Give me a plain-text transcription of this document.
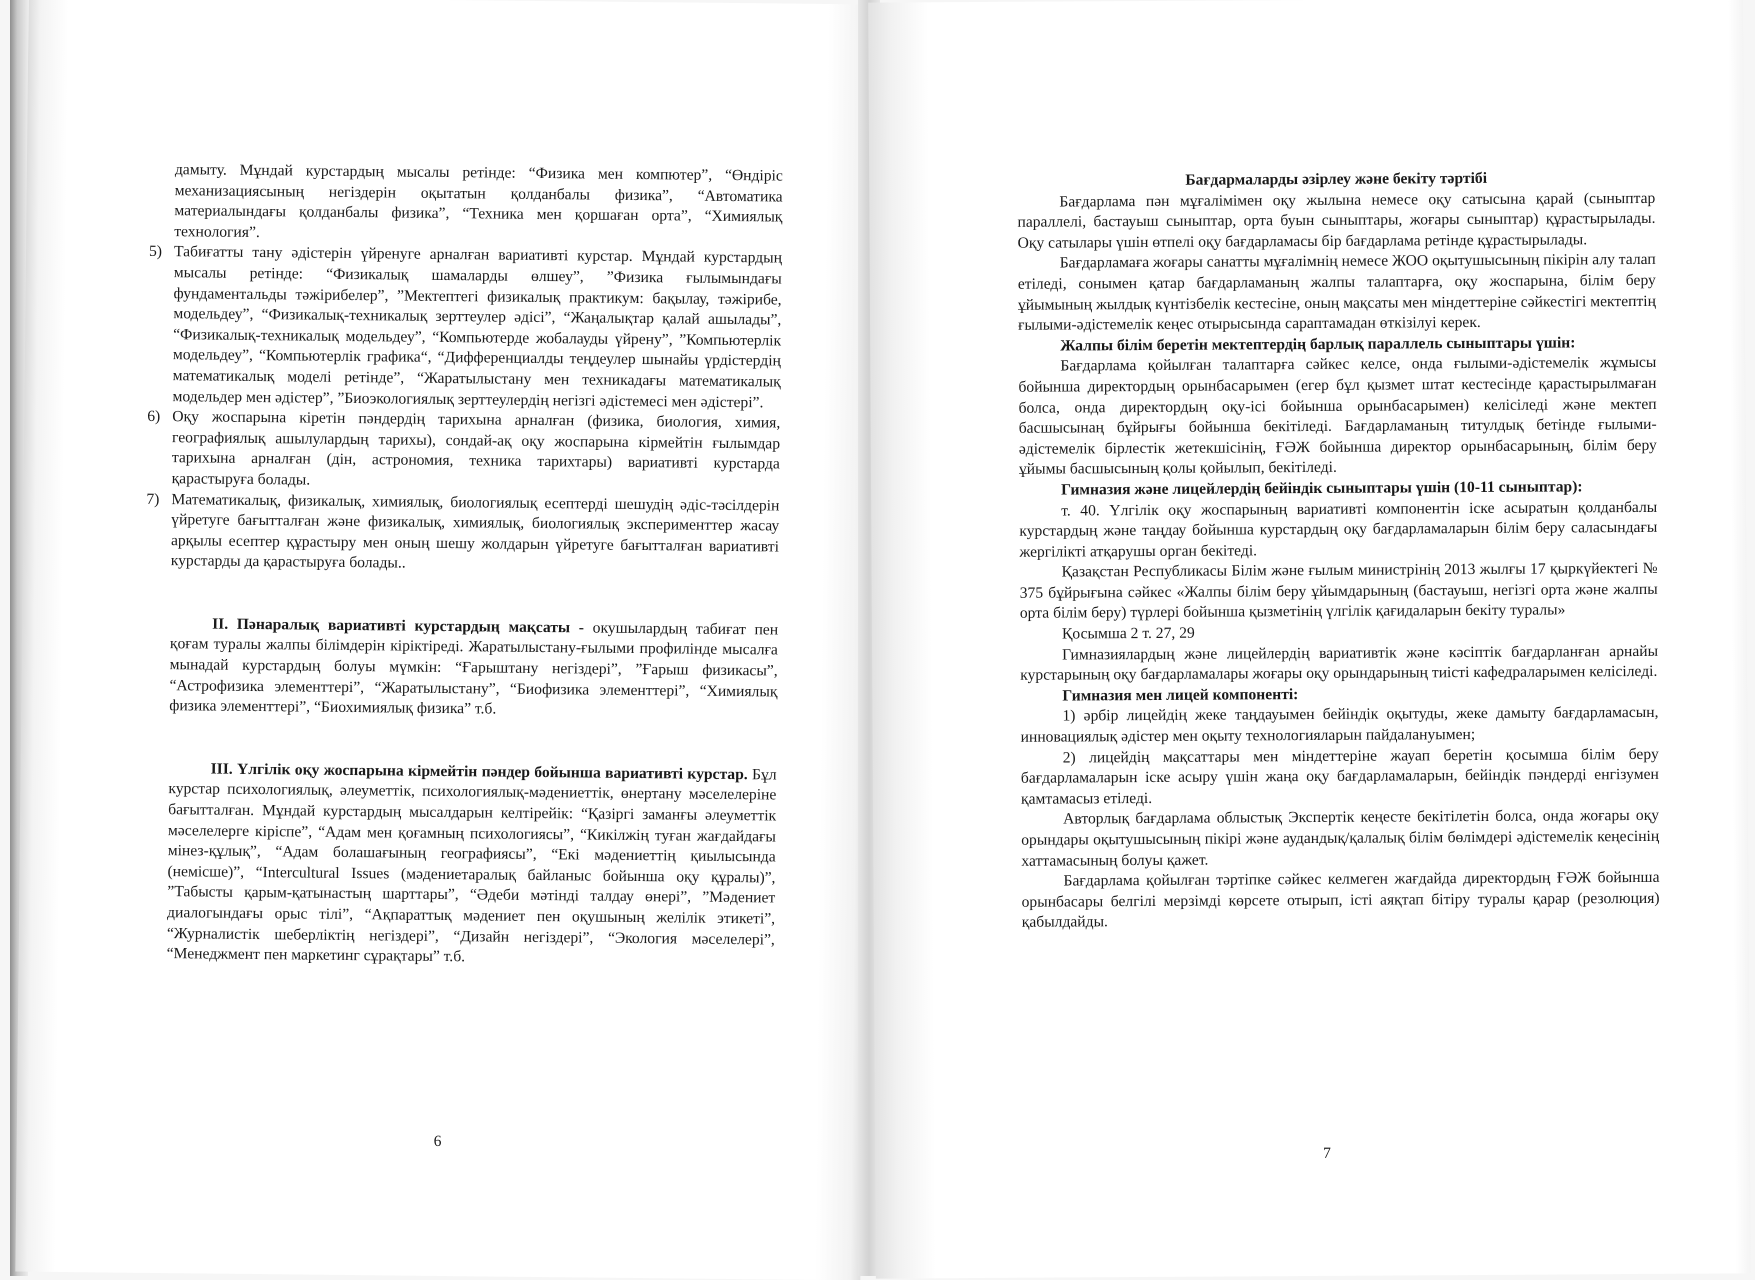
дамыту. Мұндай курстардың мысалы ретінде: “Физика мен компютер”, “Өндіріс механизациясының негіздерін оқытатын қолданбалы физика”, “Автоматика материалындағы қолданбалы физика”, “Техника мен қоршаған орта”, “Химиялық технология”.

5) Табиғатты тану әдістерін үйренуге арналған вариативті курстар. Мұндай курстардың мысалы ретінде: “Физикалық шамаларды өлшеу”, ”Физика ғылымындағы фундаментальды тәжірибелер”, ”Мектептегі физикалық практикум: бақылау, тәжірибе, модельдеу”, “Физикалық-техникалық зерттеулер әдісі”, “Жаңалықтар қалай ашылады”, “Физикалық-техникалық модельдеу”, “Компьютерде жобалауды үйрену”, ”Компьютерлік модельдеу”, “Компьютерлік графика“, “Дифференциалды теңдеулер шынайы үрдістердің математикалық моделі ретінде”, “Жаратылыстану мен техникадағы математикалық модельдер мен әдістер”, ”Биоэкологиялық зерттеулердің негізгі әдістемесі мен әдістері”.
6) Оқу жоспарына кіретін пәндердің тарихына арналған (физика, биология, химия, географиялық ашылулардың тарихы), сондай-ақ оқу жоспарына кірмейтін ғылымдар тарихына арналған (дін, астрономия, техника тарихтары) вариативті курстарда қарастыруға болады.
7) Математикалық, физикалық, химиялық, биологиялық есептерді шешудің әдіс-тәсілдерін үйретуге бағытталған және физикалық, химиялық, биологиялық эксперименттер жасау арқылы есептер құрастыру мен оның шешу жолдарын үйретуге бағытталған вариативті курстарды да қарастыруға болады..

ІІ. Пәнаралық вариативті курстардың мақсаты - окушылардың табиғат пен қоғам туралы жалпы білімдерін кіріктіреді. Жаратылыстану-ғылыми профилінде мысалға мынадай курстардың болуы мүмкін: “Ғарыштану негіздері”, ”Ғарыш физикасы”, “Астрофизика элементтері”, “Жаратылыстану”, “Биофизика элементтері”, “Химиялық физика элементтері”, “Биохимиялық физика” т.б.

ІІІ. Үлгілік оқу жоспарына кірмейтін пәндер бойынша вариативті курстар. Бұл курстар психологиялық, әлеуметтік, психологиялық-мәдениеттік, өнертану мәселелеріне бағытталған. Мұндай курстардың мысалдарын келтірейік: “Қазіргі заманғы әлеуметтік мәселелерге кіріспе”, “Адам мен қоғамның психологиясы”, “Кикілжің туған жағдайдағы мінез-құлық”, “Адам болашағының географиясы”, “Екі мәдениеттің қиылысында (немісше)”, “Intercultural Issues (мәдениетаралық байланыс бойынша оқу құралы)”, ”Табысты қарым-қатынастың шарттары”, “Әдеби мәтінді талдау өнері”, ”Мәдениет диалогындағы орыс тілі”, “Ақпараттық мәдениет пен оқушының желілік этикеті”, “Журналистік шеберліктің негіздері”, “Дизайн негіздері”, “Экология мәселелері”, “Менеджмент пен маркетинг сұрақтары” т.б.

6

Бағдармаларды әзірлеу және бекіту тәртібі

Бағдарлама пән мұғалімімен оқу жылына немесе оқу сатысына қарай (сыныптар параллелі, бастауыш сыныптар, орта буын сыныптары, жоғары сыныптар) құрастырылады. Оқу сатылары үшін өтпелі оқу бағдарламасы бір бағдарлама ретінде құрастырылады.

Бағдарламаға жоғары санатты мұғалімнің немесе ЖОО оқытушысының пікірін алу талап етіледі, сонымен қатар бағдарламаның жалпы талаптарға, оқу жоспарына, білім беру ұйымының жылдық күнтізбелік кестесіне, оның мақсаты мен міндеттеріне сәйкестігі мектептің ғылыми-әдістемелік кеңес отырысында сараптамадан өткізілуі керек.

Жалпы білім беретін мектептердің барлық параллель сыныптары үшін:

Бағдарлама қойылған талаптарға сәйкес келсе, онда ғылыми-әдістемелік жұмысы бойынша директордың орынбасарымен (егер бұл қызмет штат кестесінде қарастырылмаған болса, онда директордың оқу-ісі бойынша орынбасарымен) келісіледі және мектеп басшысынаң бұйрығы бойынша бекітіледі. Бағдарламаның титулдық бетінде ғылыми-әдістемелік бірлестік жетекшісінің, ҒӘЖ бойынша директор орынбасарының, білім беру ұйымы басшысының қолы қойылып, бекітіледі.

Гимназия және лицейлердің бейіндік сыныптары үшін (10-11 сыныптар):

т. 40. Үлгілік оқу жоспарының вариативті компонентін іске асыратын қолданбалы курстардың және таңдау бойынша курстардың оқу бағдарламаларын білім беру саласындағы жергілікті атқарушы орган бекітеді.

Қазақстан Республикасы Білім және ғылым министрінің 2013 жылғы 17 қыркүйектегі № 375 бұйрығына сәйкес «Жалпы білім беру ұйымдарының (бастауыш, негізгі орта және жалпы орта білім беру) түрлері бойынша қызметінің үлгілік қағидаларын бекіту туралы»

Қосымша 2 т. 27, 29

Гимназиялардың және лицейлердің вариативтік және кәсіптік бағдарланған арнайы курстарының оқу бағдарламалары жоғары оқу орындарының тиісті кафедраларымен келісіледі.

Гимназия мен лицей компоненті:

1) әрбір лицейдің жеке таңдауымен бейіндік оқытуды, жеке дамыту бағдарламасын, инновациялық әдістер мен оқыту технологияларын пайдалануымен;

2) лицейдің мақсаттары мен міндеттеріне жауап беретін қосымша білім беру бағдарламаларын іске асыру үшін жаңа оқу бағдарламаларын, бейіндік пәндерді енгізумен қамтамасыз етіледі.

Авторлық бағдарлама облыстық Экспертік кеңесте бекітілетін болса, онда жоғары оқу орындары оқытушысының пікірі және аудандық/қалалық білім бөлімдері әдістемелік кеңесінің хаттамасының болуы қажет.

Бағдарлама қойылған тәртіпке сәйкес келмеген жағдайда директордың ҒӘЖ бойынша орынбасары белгілі мерзімді көрсете отырып, істі аяқтап бітіру туралы қарар (резолюция) қабылдайды.

7
